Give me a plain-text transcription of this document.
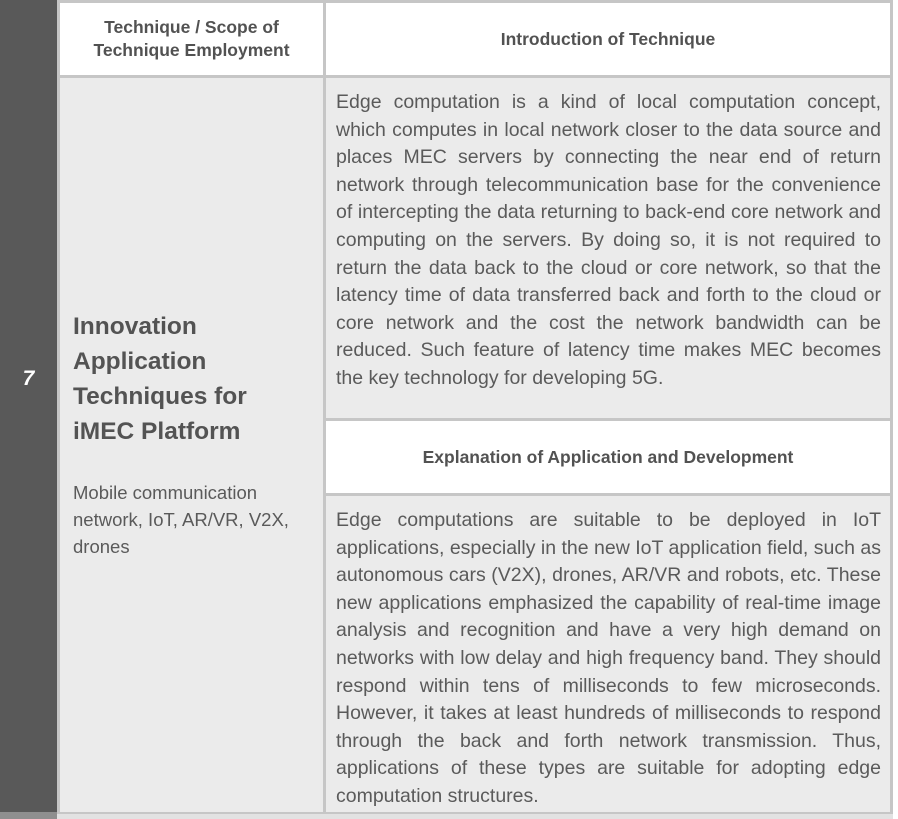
7
Technique / Scope of Technique Employment
Introduction of Technique
Innovation Application Techniques for iMEC Platform
Mobile communication network, IoT, AR/VR, V2X, drones
Edge computation is a kind of local computation concept, which computes in local network closer to the data source and places MEC servers by connecting the near end of return network through telecommunication base for the convenience of intercepting the data returning to back-end core network and computing on the servers. By doing so, it is not required to return the data back to the cloud or core network, so that the latency time of data transferred back and forth to the cloud or core network and the cost the network bandwidth can be reduced. Such feature of latency time makes MEC becomes the key technology for developing 5G.
Explanation of Application and Development
Edge computations are suitable to be deployed in IoT applications, especially in the new IoT application field, such as autonomous cars (V2X), drones, AR/VR and robots, etc. These new applications emphasized the capability of real-time image analysis and recognition and have a very high demand on networks with low delay and high frequency band. They should respond within tens of milliseconds to few microseconds. However, it takes at least hundreds of milliseconds to respond through the back and forth network transmission. Thus, applications of these types are suitable for adopting edge computation structures.
